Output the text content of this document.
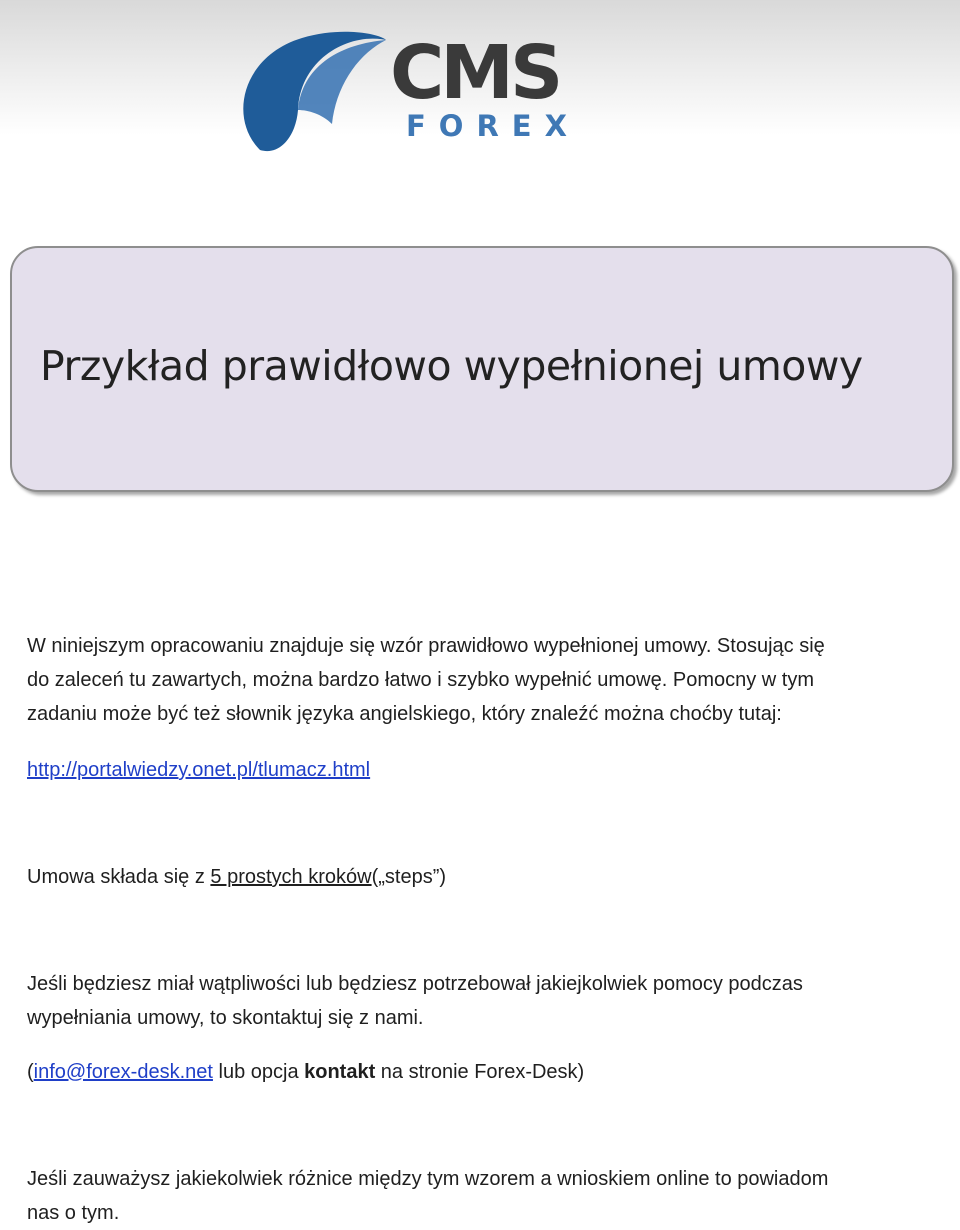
CMS
FOREX
Przykład prawidłowo wypełnionej umowy

W niniejszym opracowaniu znajduje się wzór prawidłowo wypełnionej umowy. Stosując się

do zaleceń tu zawartych, można bardzo łatwo i szybko wypełnić umowę. Pomocny w tym

zadaniu może być też słownik języka angielskiego, który znaleźć można choćby tutaj:

http://portalwiedzy.onet.pl/tlumacz.html

Umowa składa się z 5 prostych kroków(„steps”)

Jeśli będziesz miał wątpliwości lub będziesz potrzebował jakiejkolwiek pomocy podczas

wypełniania umowy, to skontaktuj się z nami.

(info@forex-desk.net lub opcja kontakt na stronie Forex-Desk)

Jeśli zauważysz jakiekolwiek różnice między tym wzorem a wnioskiem online to powiadom

nas o tym.
